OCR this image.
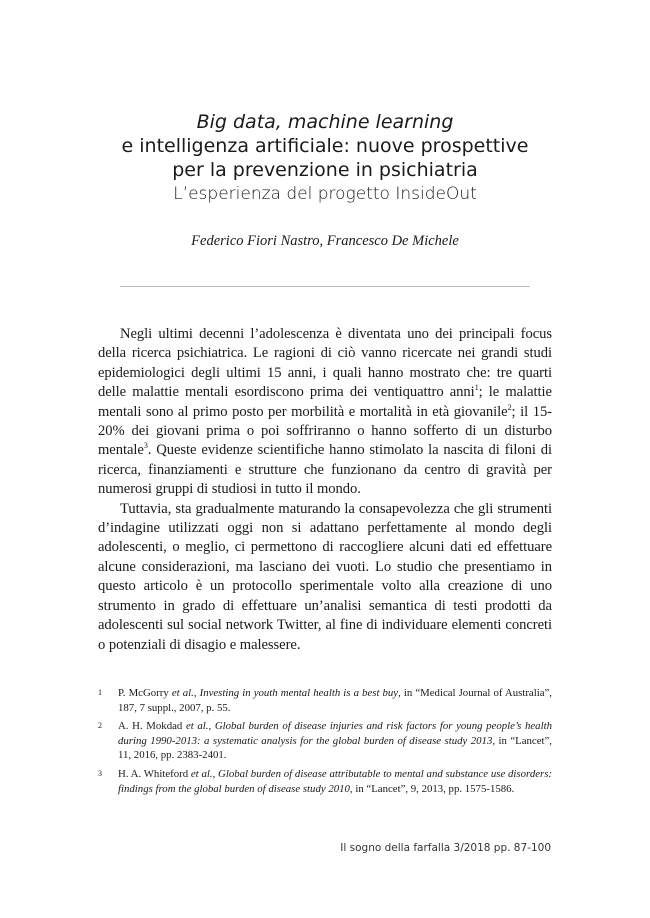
Big data, machine learning

e intelligenza artificiale: nuove prospettive

per la prevenzione in psichiatria

L’esperienza del progetto InsideOut

Federico Fiori Nastro, Francesco De Michele

Negli ultimi decenni l’adolescenza è diventata uno dei principali focus della ricerca psichiatrica. Le ragioni di ciò vanno ricercate nei grandi studi epidemiologici degli ultimi 15 anni, i quali hanno mostrato che: tre quarti delle malattie mentali esordiscono prima dei ventiquattro anni$^1$; le malattie mentali sono al primo posto per morbilità e mortalità in età giovanile$^2$; il 15-20% dei giovani prima o poi soffriranno o hanno sofferto di un disturbo mentale$^3$. Queste evidenze scientifiche hanno stimolato la nascita di filoni di ricerca, finanziamenti e strutture che funzionano da centro di gravità per numerosi gruppi di studiosi in tutto il mondo.

Tuttavia, sta gradualmente maturando la consapevolezza che gli strumenti d’indagine utilizzati oggi non si adattano perfettamente al mondo degli adolescenti, o meglio, ci permettono di raccogliere alcuni dati ed effettuare alcune considerazioni, ma lasciano dei vuoti. Lo studio che presentiamo in questo articolo è un protocollo sperimentale volto alla creazione di uno strumento in grado di effettuare un’analisi semantica di testi prodotti da adolescenti sul social network Twitter, al fine di individuare elementi concreti o potenziali di disagio e malessere.

1	P. McGorry et al., Investing in youth mental health is a best buy, in “Medical Journal of Australia”, 187, 7 suppl., 2007, p. 55.
2	A. H. Mokdad et al., Global burden of disease injuries and risk factors for young people’s health during 1990-2013: a systematic analysis for the global burden of disease study 2013, in “Lancet”, 11, 2016, pp. 2383-2401.
3	H. A. Whiteford et al., Global burden of disease attributable to mental and substance use disorders: findings from the global burden of disease study 2010, in “Lancet”, 9, 2013, pp. 1575-1586.
Il sogno della farfalla 3/2018 pp. 87-100
